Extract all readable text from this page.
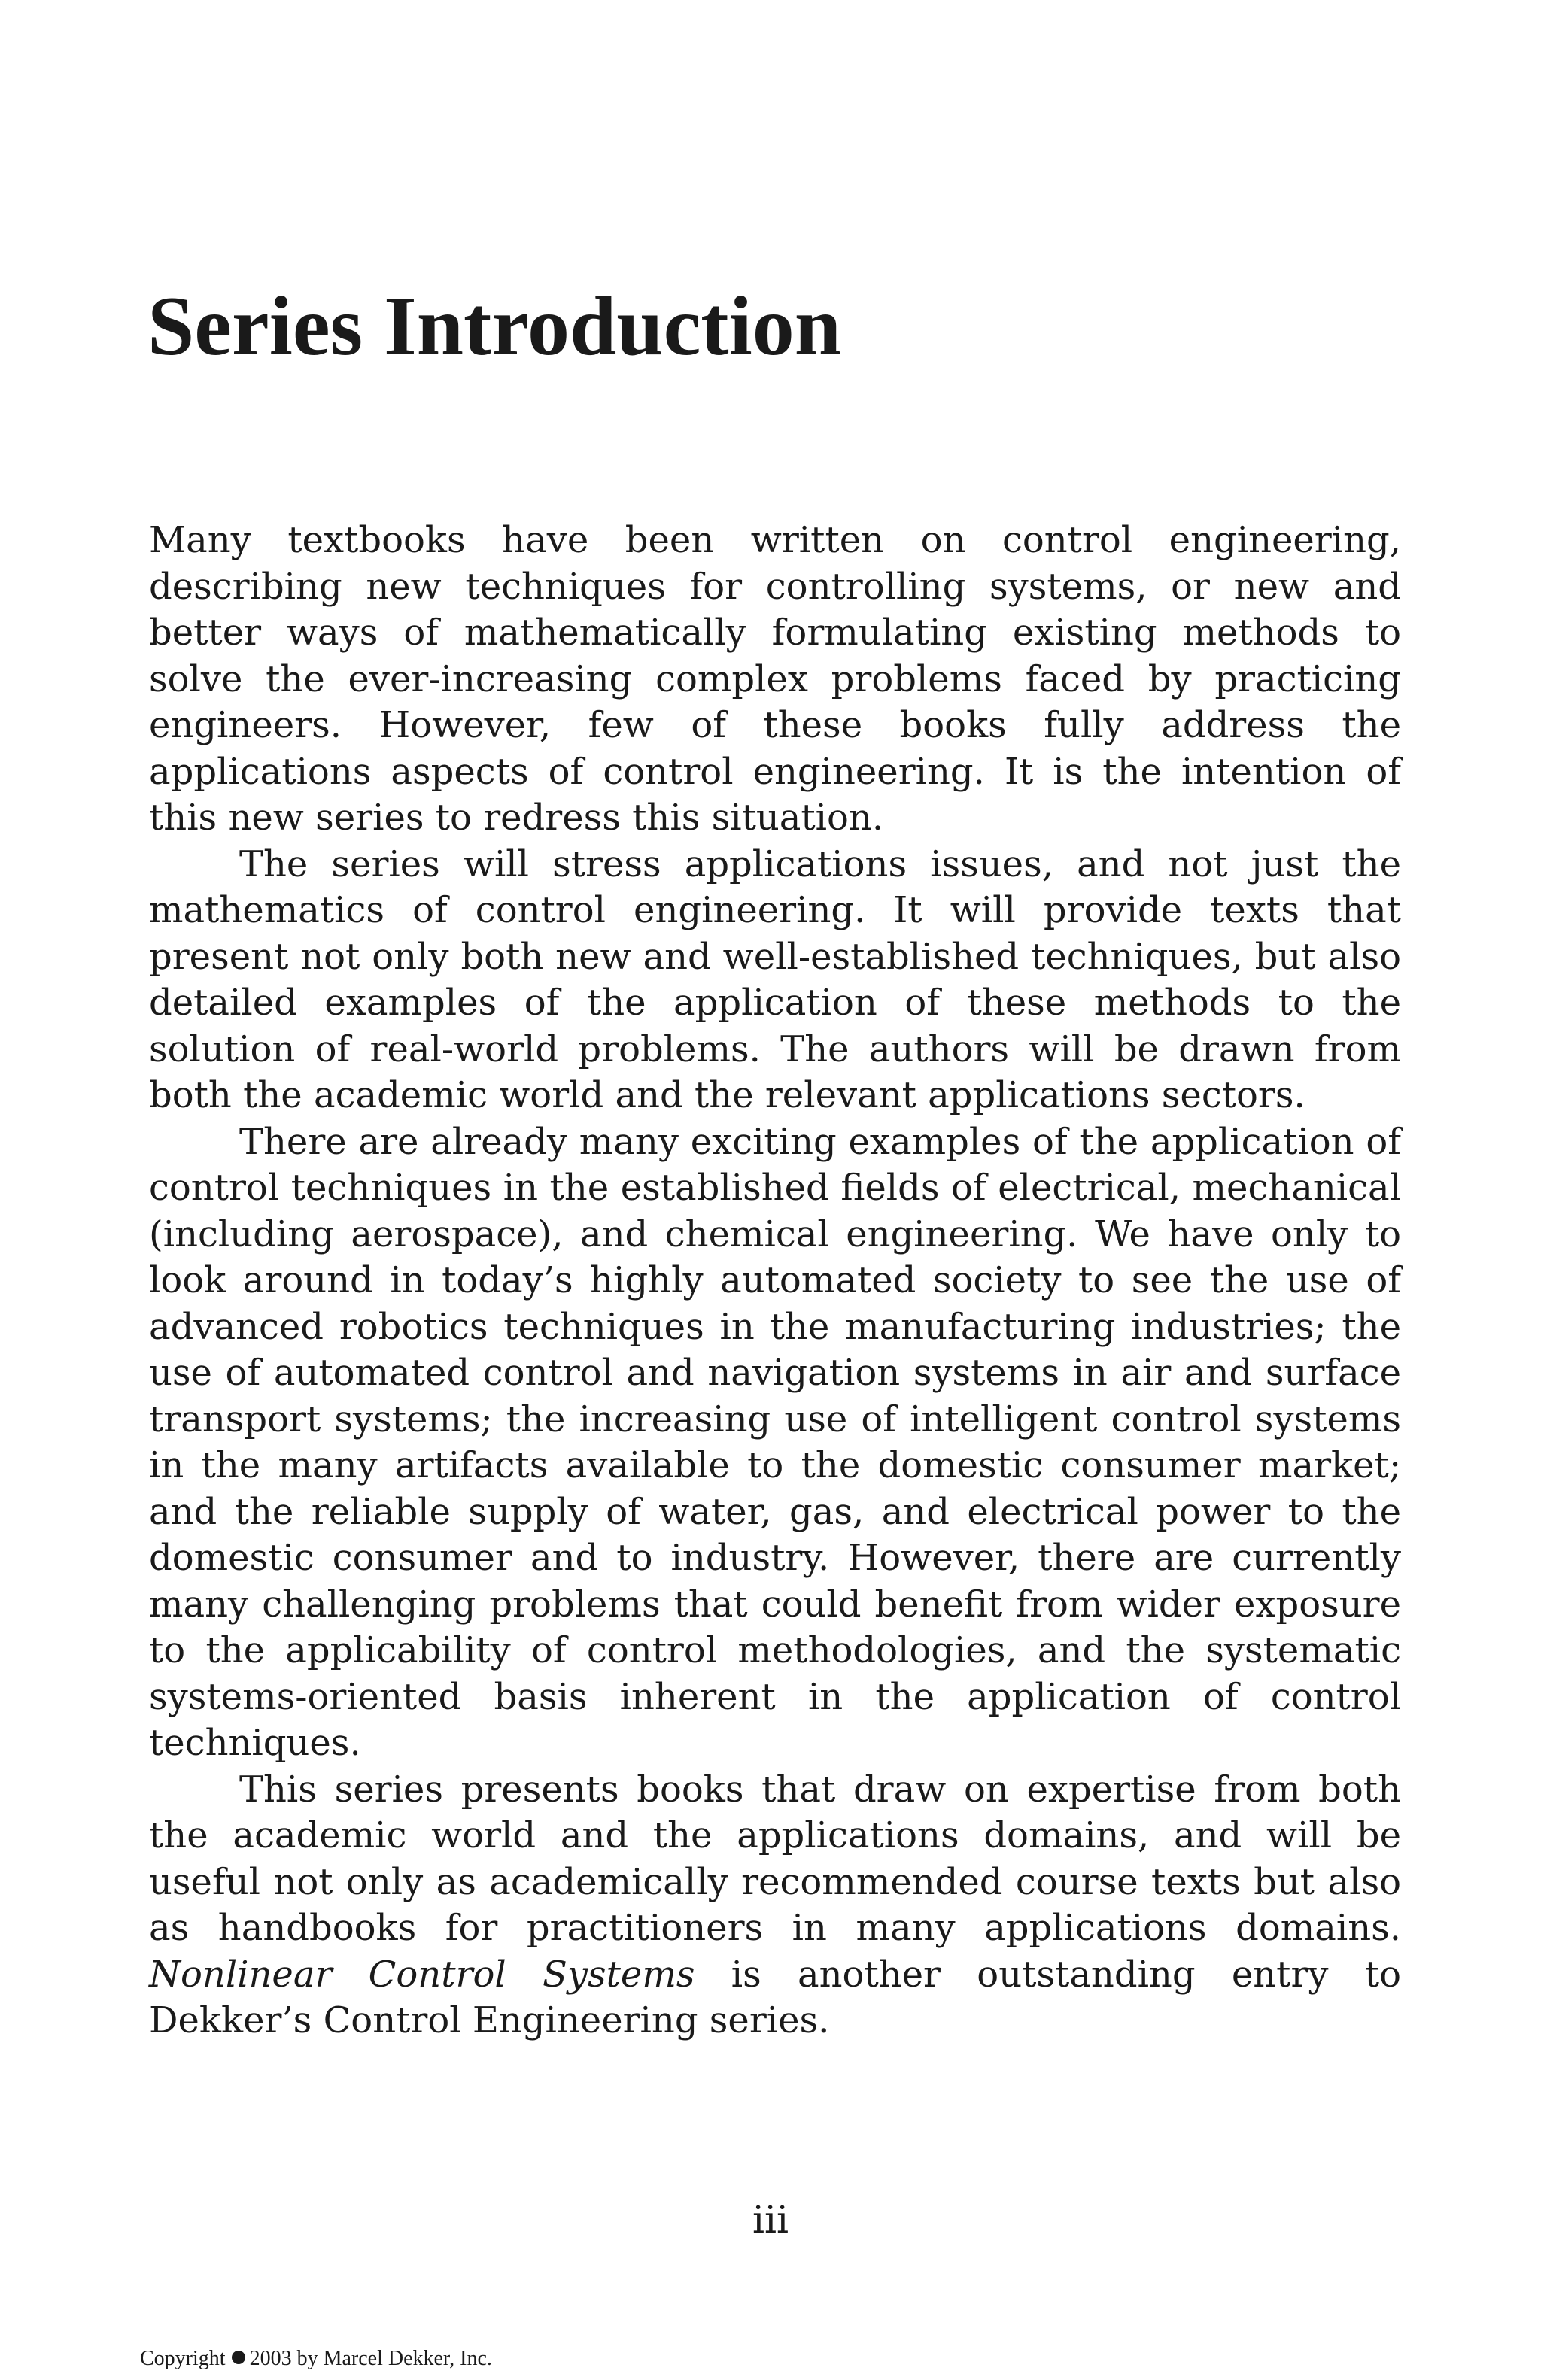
Series Introduction

Many textbooks have been written on control engineering, describing new techniques for controlling systems, or new and better ways of mathematically formulating existing methods to solve the ever-increasing complex problems faced by practicing engineers. However, few of these books fully address the applications aspects of control engineering. It is the intention of this new series to redress this situation.

The series will stress applications issues, and not just the mathematics of control engineering. It will provide texts that present not only both new and well-established techniques, but also detailed examples of the application of these methods to the solution of real-world problems. The authors will be drawn from both the academic world and the relevant applications sectors.

There are already many exciting examples of the application of control techniques in the established fields of electrical, mechanical (including aerospace), and chemical engineering. We have only to look around in today’s highly automated society to see the use of advanced robotics techniques in the manufacturing industries; the use of automated control and navigation systems in air and surface transport systems; the increasing use of intelligent control systems in the many artifacts available to the domestic consumer market; and the reliable supply of water, gas, and electrical power to the domestic consumer and to industry. However, there are currently many challenging problems that could benefit from wider exposure to the applicability of control methodologies, and the systematic systems-oriented basis inherent in the application of control techniques.

This series presents books that draw on expertise from both the academic world and the applications domains, and will be useful not only as academically recommended course texts but also as handbooks for practitioners in many applications domains. Nonlinear Control Systems is another outstanding entry to Dekker’s Control Engineering series.

iii
Copyright 2003 by Marcel Dekker, Inc.
